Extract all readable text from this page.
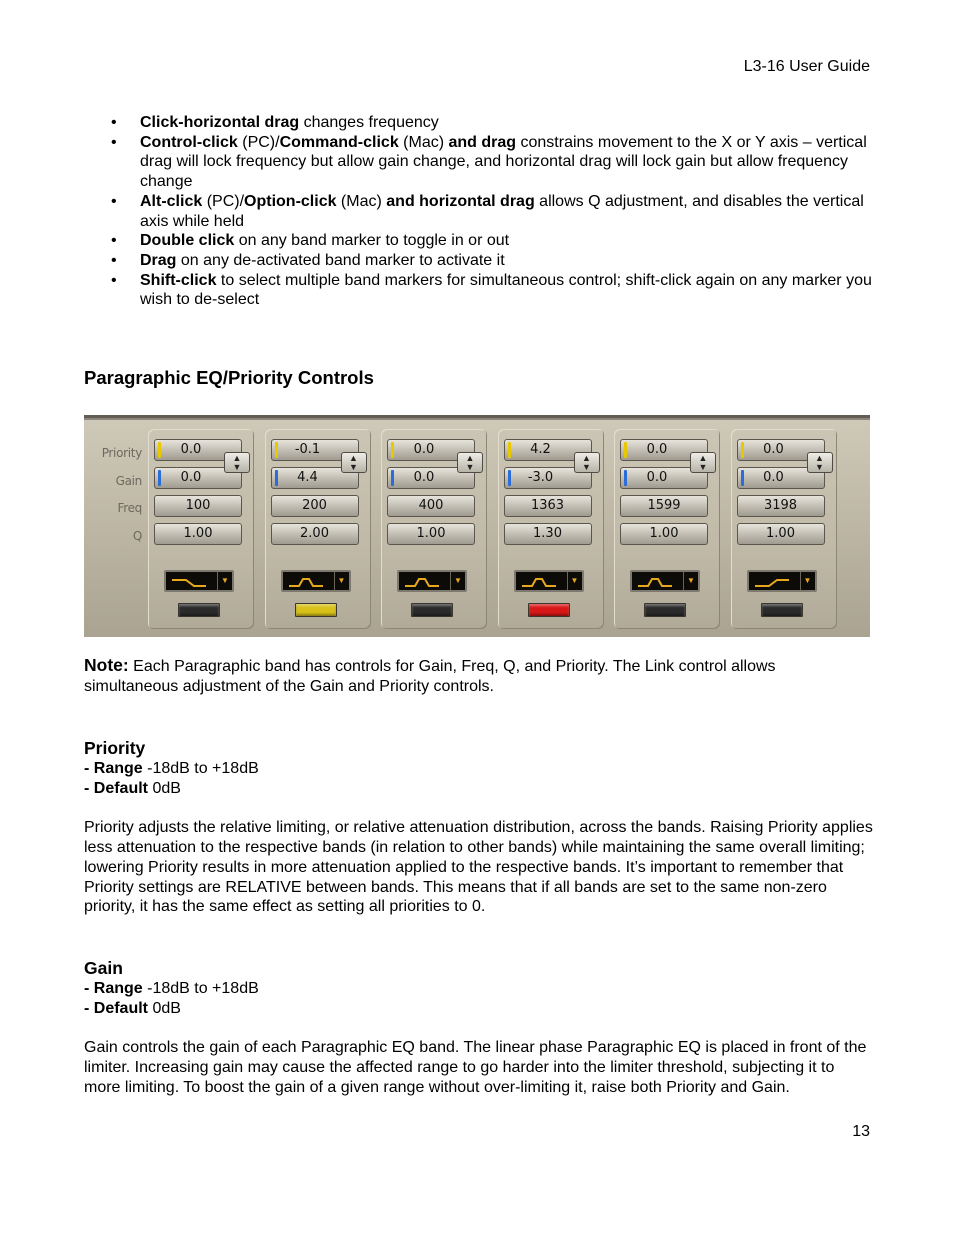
L3-16 User Guide
• Click-horizontal drag changes frequency
• Control-click (PC)/Command-click (Mac) and drag constrains movement to the X or Y axis – vertical drag will lock frequency but allow gain change, and horizontal drag will lock gain but allow frequency change
• Alt-click (PC)/Option-click (Mac) and horizontal drag allows Q adjustment, and disables the vertical axis while held
• Double click on any band marker to toggle in or out
• Drag on any de-activated band marker to activate it
• Shift-click to select multiple band markers for simultaneous control; shift-click again on any marker you wish to de-select
Paragraphic EQ/Priority Controls
Priority
Gain
Freq
Q
0.0
0.0
100
1.00
▲
▼
▼
-0.1
4.4
200
2.00
▲
▼
▼
0.0
0.0
400
1.00
▲
▼
▼
4.2
-3.0
1363
1.30
▲
▼
▼
0.0
0.0
1599
1.00
▲
▼
▼
0.0
0.0
3198
1.00
▲
▼
▼
Note: Each Paragraphic band has controls for Gain, Freq, Q, and Priority. The Link control allows simultaneous adjustment of the Gain and Priority controls.
Priority
- Range -18dB to +18dB
- Default 0dB
Priority adjusts the relative limiting, or relative attenuation distribution, across the bands. Raising Priority applies less attenuation to the respective bands (in relation to other bands) while maintaining the same overall limiting; lowering Priority results in more attenuation applied to the respective bands. It’s important to remember that Priority settings are RELATIVE between bands. This means that if all bands are set to the same non-zero priority, it has the same effect as setting all priorities to 0.
Gain
- Range -18dB to +18dB
- Default 0dB
Gain controls the gain of each Paragraphic EQ band. The linear phase Paragraphic EQ is placed in front of the limiter. Increasing gain may cause the affected range to go harder into the limiter threshold, subjecting it to more limiting. To boost the gain of a given range without over-limiting it, raise both Priority and Gain.
13
